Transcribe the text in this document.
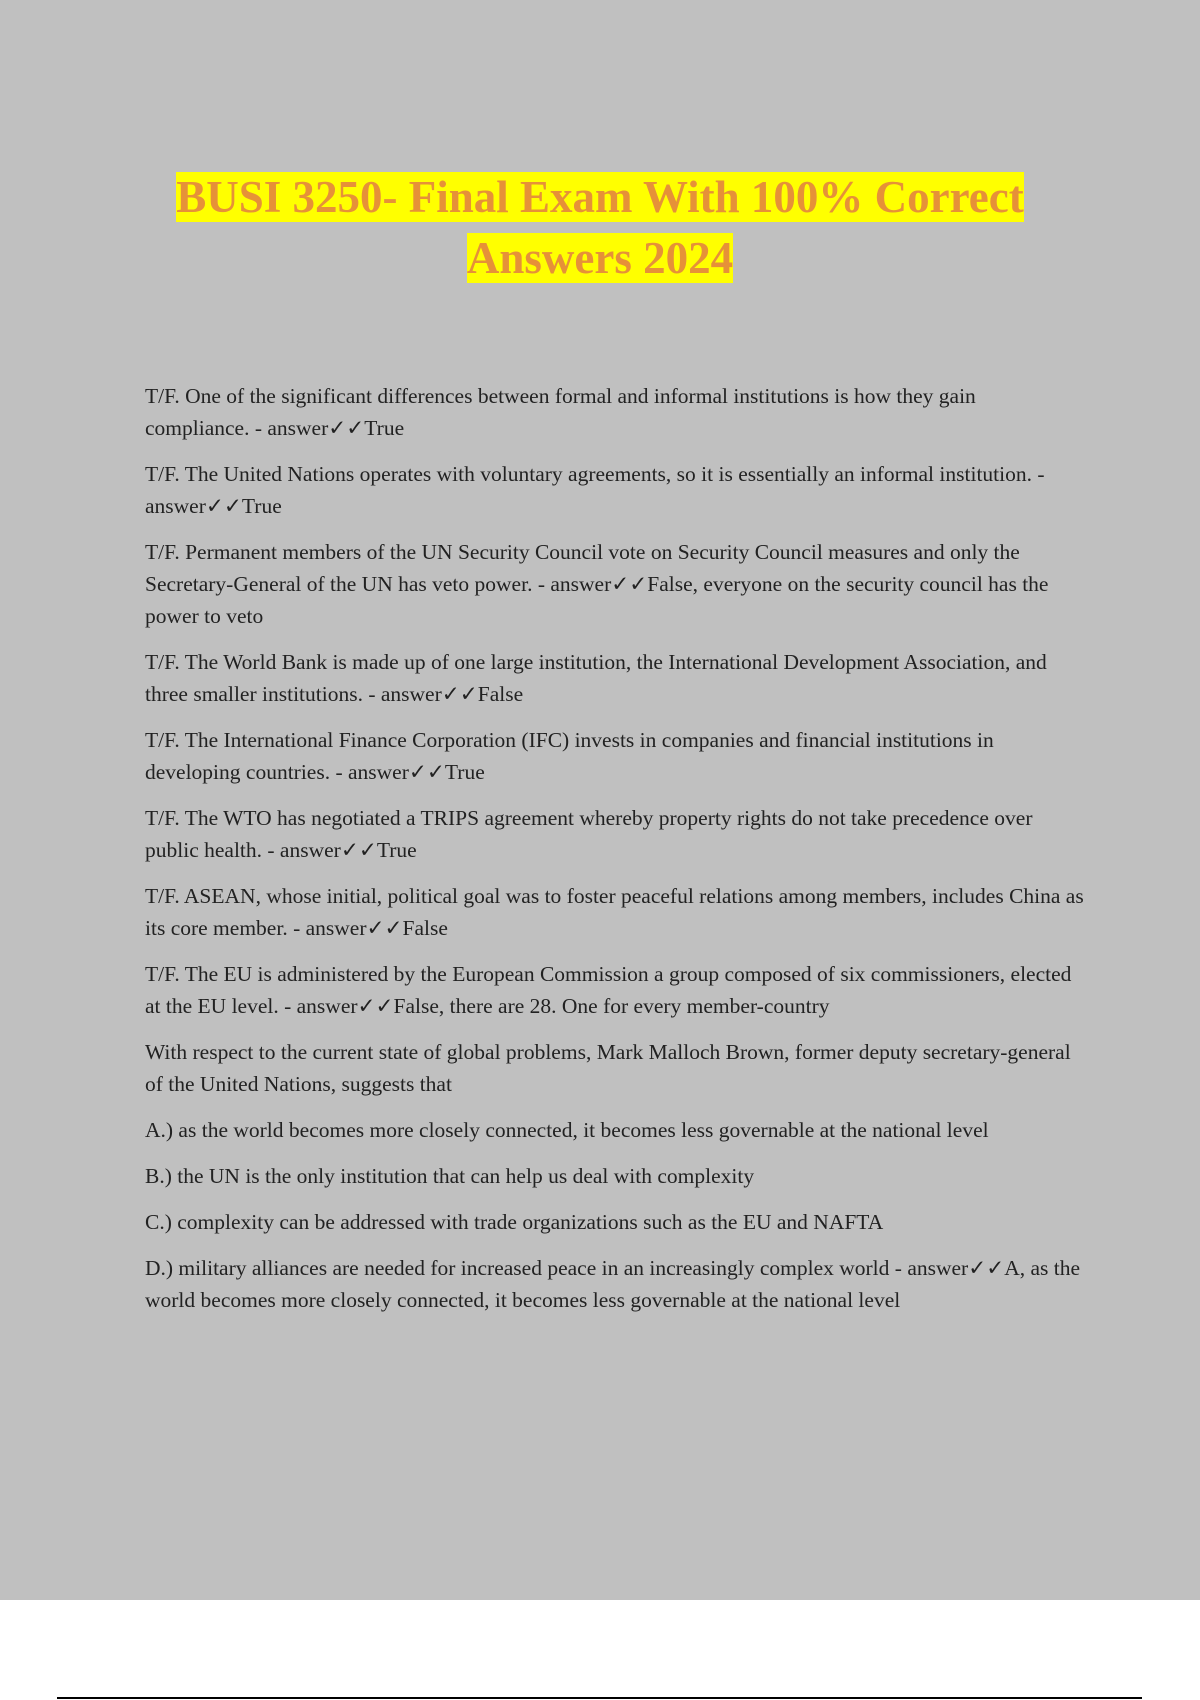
BUSI 3250- Final Exam With 100% Correct
Answers 2024

T/F. One of the significant differences between formal and informal institutions is how they gain compliance. - answer✓✓True

T/F. The United Nations operates with voluntary agreements, so it is essentially an informal institution. - answer✓✓True

T/F. Permanent members of the UN Security Council vote on Security Council measures and only the Secretary-General of the UN has veto power. - answer✓✓False, everyone on the security council has the power to veto

T/F. The World Bank is made up of one large institution, the International Development Association, and three smaller institutions. - answer✓✓False

T/F. The International Finance Corporation (IFC) invests in companies and financial institutions in developing countries. - answer✓✓True

T/F. The WTO has negotiated a TRIPS agreement whereby property rights do not take precedence over public health. - answer✓✓True

T/F. ASEAN, whose initial, political goal was to foster peaceful relations among members, includes China as its core member. - answer✓✓False

T/F. The EU is administered by the European Commission a group composed of six commissioners, elected at the EU level. - answer✓✓False, there are 28. One for every member-country

With respect to the current state of global problems, Mark Malloch Brown, former deputy secretary-general of the United Nations, suggests that

A.) as the world becomes more closely connected, it becomes less governable at the national level

B.) the UN is the only institution that can help us deal with complexity

C.) complexity can be addressed with trade organizations such as the EU and NAFTA

D.) military alliances are needed for increased peace in an increasingly complex world - answer✓✓A, as the world becomes more closely connected, it becomes less governable at the national level
